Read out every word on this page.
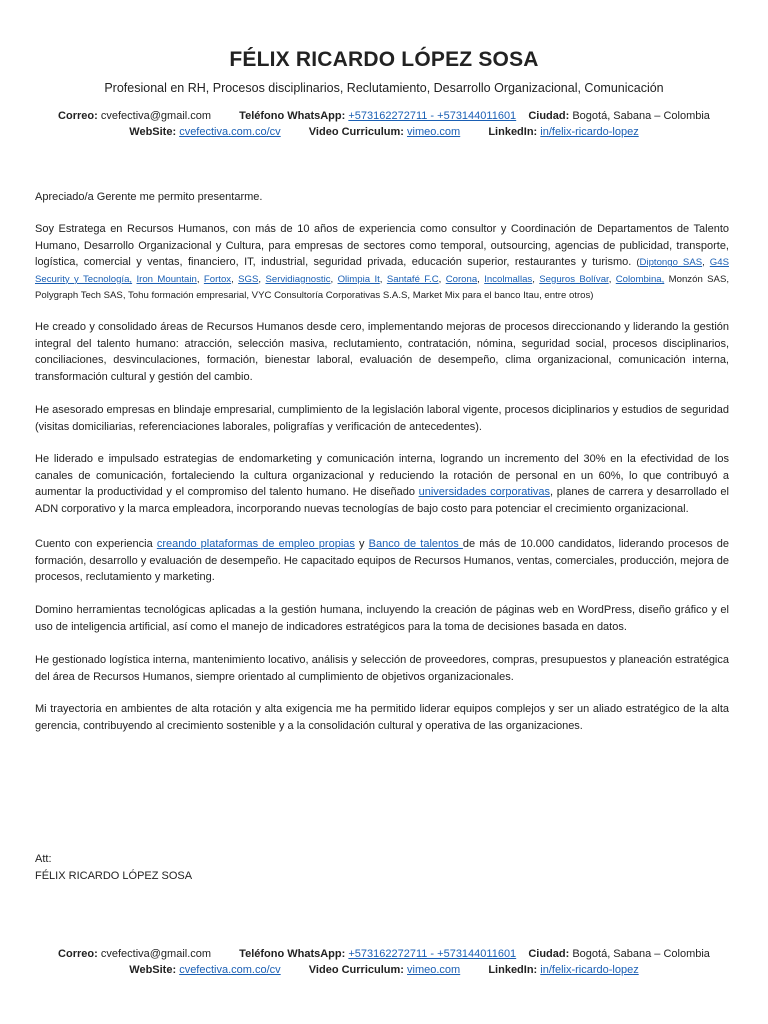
FÉLIX RICARDO LÓPEZ SOSA
Profesional en RH, Procesos disciplinarios, Reclutamiento, Desarrollo Organizacional, Comunicación
Correo: cvefectiva@gmail.com	Teléfono WhatsApp: +573162272711 - +573144011601 Ciudad: Bogotá, Sabana – Colombia
WebSite: cvefectiva.com.co/cv	Video Curriculum: vimeo.com	LinkedIn: in/felix-ricardo-lopez
Apreciado/a Gerente me permito presentarme.

Soy Estratega en Recursos Humanos, con más de 10 años de experiencia como consultor y Coordinación de Departamentos de Talento Humano, Desarrollo Organizacional y Cultura, para empresas de sectores como temporal, outsourcing, agencias de publicidad, transporte, logística, comercial y ventas, financiero, IT, industrial, seguridad privada, educación superior, restaurantes y turismo. (Diptongo SAS, G4S Security y Tecnología, Iron Mountain, Fortox, SGS, Servidiagnostic, Olimpia It, Santafé F.C, Corona, Incolmallas, Seguros Bolívar, Colombina, Monzón SAS, Polygraph Tech SAS, Tohu formación empresarial, VYC Consultoría Corporativas S.A.S, Market Mix para el banco Itau, entre otros)

He creado y consolidado áreas de Recursos Humanos desde cero, implementando mejoras de procesos direccionando y liderando la gestión integral del talento humano: atracción, selección masiva, reclutamiento, contratación, nómina, seguridad social, procesos disciplinarios, conciliaciones, desvinculaciones, formación, bienestar laboral, evaluación de desempeño, clima organizacional, comunicación interna, transformación cultural y gestión del cambio.

He asesorado empresas en blindaje empresarial, cumplimiento de la legislación laboral vigente, procesos diciplinarios y estudios de seguridad (visitas domiciliarias, referenciaciones laborales, poligrafías y verificación de antecedentes).

He liderado e impulsado estrategias de endomarketing y comunicación interna, logrando un incremento del 30% en la efectividad de los canales de comunicación, fortaleciendo la cultura organizacional y reduciendo la rotación de personal en un 60%, lo que contribuyó a aumentar la productividad y el compromiso del talento humano. He diseñado universidades corporativas, planes de carrera y desarrollado el ADN corporativo y la marca empleadora, incorporando nuevas tecnologías de bajo costo para potenciar el crecimiento organizacional.

Cuento con experiencia creando plataformas de empleo propias y Banco de talentos de más de 10.000 candidatos, liderando procesos de formación, desarrollo y evaluación de desempeño. He capacitado equipos de Recursos Humanos, ventas, comerciales, producción, mejora de procesos, reclutamiento y marketing.

Domino herramientas tecnológicas aplicadas a la gestión humana, incluyendo la creación de páginas web en WordPress, diseño gráfico y el uso de inteligencia artificial, así como el manejo de indicadores estratégicos para la toma de decisiones basada en datos.

He gestionado logística interna, mantenimiento locativo, análisis y selección de proveedores, compras, presupuestos y planeación estratégica del área de Recursos Humanos, siempre orientado al cumplimiento de objetivos organizacionales.

Mi trayectoria en ambientes de alta rotación y alta exigencia me ha permitido liderar equipos complejos y ser un aliado estratégico de la alta gerencia, contribuyendo al crecimiento sostenible y a la consolidación cultural y operativa de las organizaciones.

Att:
FÉLIX RICARDO LÓPEZ SOSA
Correo: cvefectiva@gmail.com	Teléfono WhatsApp: +573162272711 - +573144011601 Ciudad: Bogotá, Sabana – Colombia
WebSite: cvefectiva.com.co/cv	Video Curriculum: vimeo.com	LinkedIn: in/felix-ricardo-lopez
